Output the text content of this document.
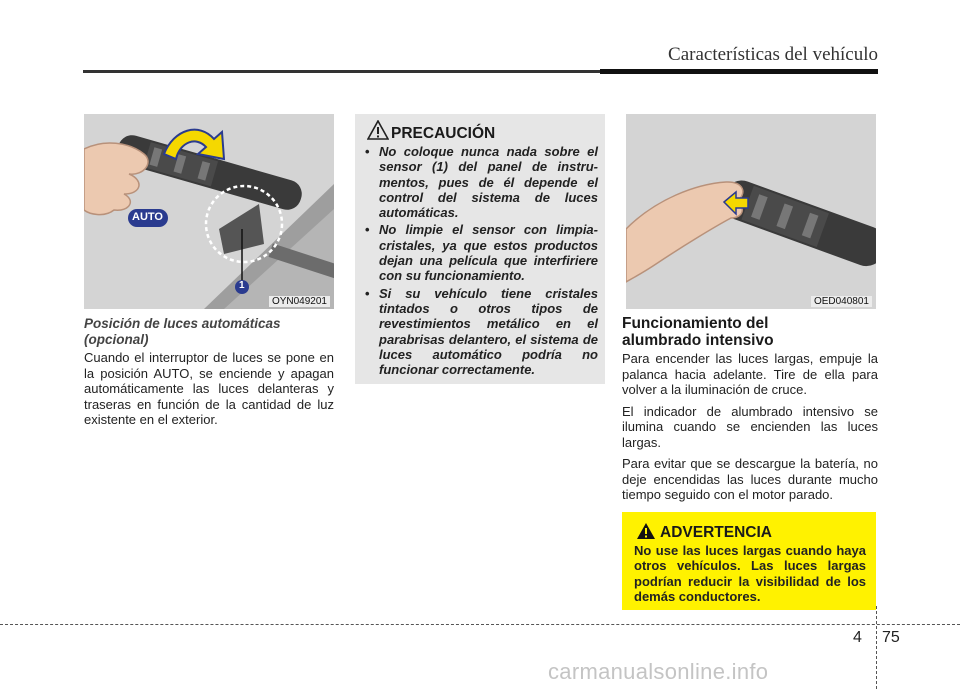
Características del vehículo
AUTO
1
OYN049201
Posición de luces automáticas (opcional)
Cuando el interruptor de luces se pone en la posición AUTO, se enciende y apagan automáticamente las luces delanteras y traseras en función de la cantidad de luz existente en el exterior.
PRECAUCIÓN
• No coloque nunca nada sobre el sensor (1) del panel de instru-mentos, pues de él depende el control del sistema de luces automáticas.
• No limpie el sensor con limpia-cristales, ya que estos productos dejan una película que interfiriere con su funcionamiento.
• Si su vehículo tiene cristales tintados o otros tipos de revestimientos metálico en el parabrisas delantero, el sistema de luces automático podría no funcionar correctamente.
OED040801
Funcionamiento del alumbrado intensivo

Para encender las luces largas, empuje la palanca hacia adelante. Tire de ella para volver a la iluminación de cruce.

El indicador de alumbrado intensivo se ilumina cuando se encienden las luces largas.

Para evitar que se descargue la batería, no deje encendidas las luces durante mucho tiempo seguido con el motor parado.

ADVERTENCIA
No use las luces largas cuando haya otros vehículos. Las luces largas podrían reducir la visibilidad de los demás conductores.
4 75
carmanualsonline.info
